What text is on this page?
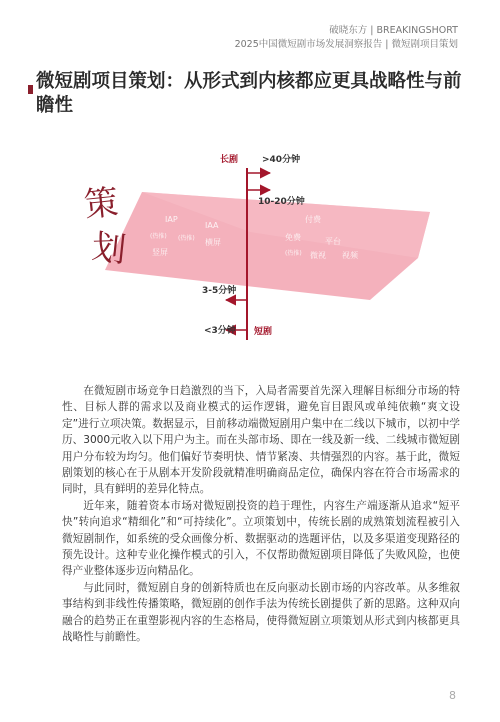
破晓东方 | BREAKINGSHORT
2025中国微短剧市场发展洞察报告 | 微短剧项目策划
微短剧项目策划：从形式到内核都应更具战略性与前瞻性
长剧
短剧
>40分钟
10-20分钟
3-5分钟
<3分钟
策
划
IAP
IAA
(热推) (热推) 横屏
竖屏
付费
免费	平台
(热推) 微视 视频

在微短剧市场竞争日趋激烈的当下，入局者需要首先深入理解目标细分市场的特性、目标人群的需求以及商业模式的运作逻辑，避免盲目跟风或单纯依赖“爽文设定”进行立项决策。数据显示，目前移动端微短剧用户集中在二线以下城市，以初中学历、3000元收入以下用户为主。而在头部市场、即在一线及新一线、二线城市微短剧用户分布较为均匀。他们偏好节奏明快、情节紧凑、共情强烈的内容。基于此，微短剧策划的核心在于从剧本开发阶段就精准明确商品定位，确保内容在符合市场需求的同时，具有鲜明的差异化特点。

近年来，随着资本市场对微短剧投资的趋于理性，内容生产端逐渐从追求“短平快”转向追求“精细化”和“可持续化”。立项策划中，传统长剧的成熟策划流程被引入微短剧制作，如系统的受众画像分析、数据驱动的选题评估，以及多渠道变现路径的预先设计。这种专业化操作模式的引入，不仅帮助微短剧项目降低了失败风险，也使得产业整体逐步迈向精品化。

与此同时，微短剧自身的创新特质也在反向驱动长剧市场的内容改革。从多维叙事结构到非线性传播策略，微短剧的创作手法为传统长剧提供了新的思路。这种双向融合的趋势正在重塑影视内容的生态格局，使得微短剧立项策划从形式到内核都更具战略性与前瞻性。

8
